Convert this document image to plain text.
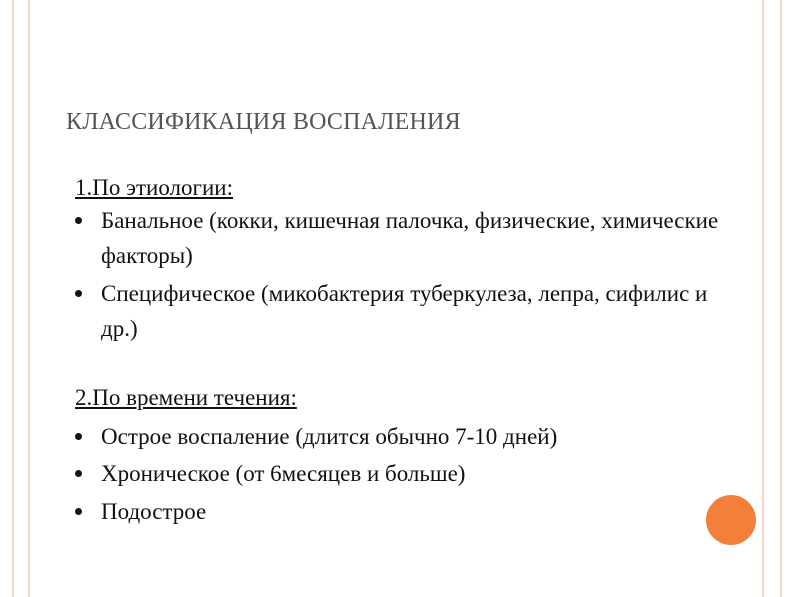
КЛАССИФИКАЦИЯ ВОСПАЛЕНИЯ
1.По этиологии:
Банальное (кокки, кишечная палочка, физические, химические факторы)
Специфическое (микобактерия туберкулеза, лепра, сифилис и др.)
2.По времени течения:
Острое воспаление (длится обычно 7-10 дней)
Хроническое (от 6месяцев и больше)
Подострое
